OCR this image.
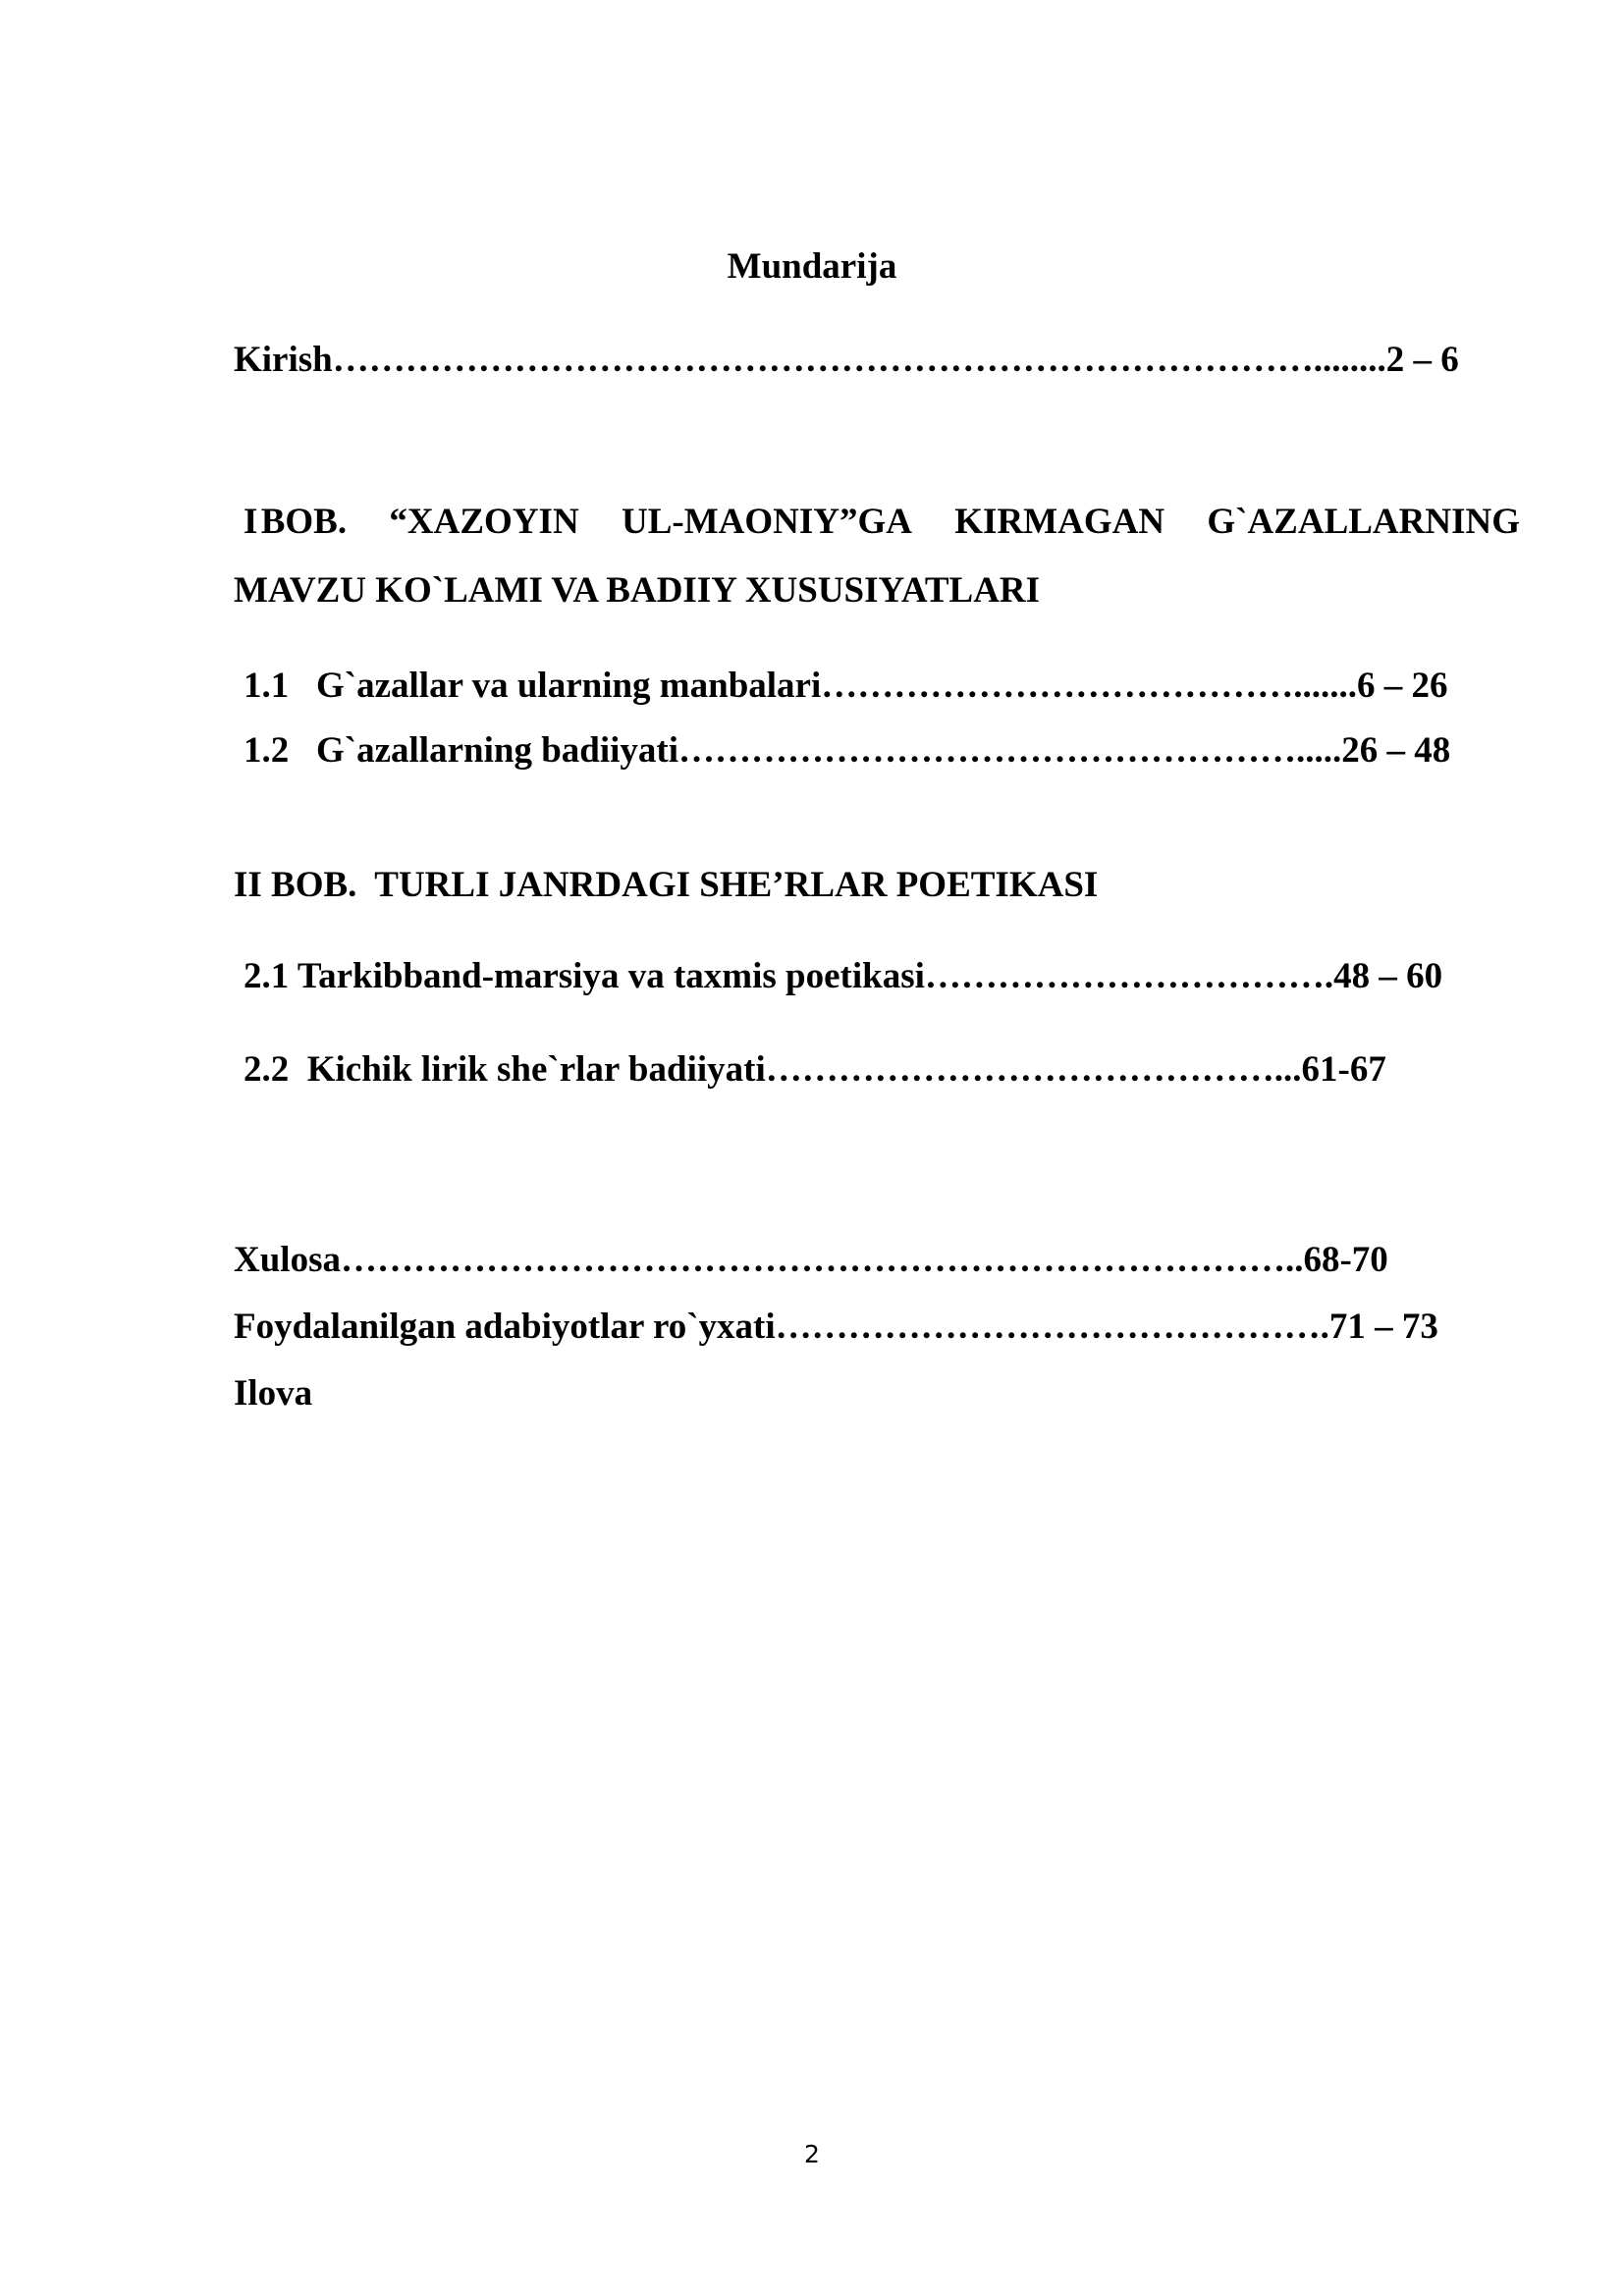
Mundarija
Kirish………………………………………………………………………........2 – 6
I BOB. “XAZOYIN UL-MAONIY”GA KIRMAGAN G`AZALLARNING
MAVZU KO`LAMI VA BADIIY XUSUSIYATLARI
1.1   G`azallar va ularning manbalari………………………………….......6 – 26
1.2   G`azallarning badiiyati…………………………………………….....26 – 48
II BOB.  TURLI JANRDAGI SHE’RLAR POETIKASI
2.1 Tarkibband-marsiya va taxmis poetikasi…………………………….48 – 60
2.2  Kichik lirik she`rlar badiiyati……………………………………...61-67
Xulosa……………………………………………………………………..68-70
Foydalanilgan adabiyotlar ro`yxati……………………………………….71 – 73
Ilova
2
